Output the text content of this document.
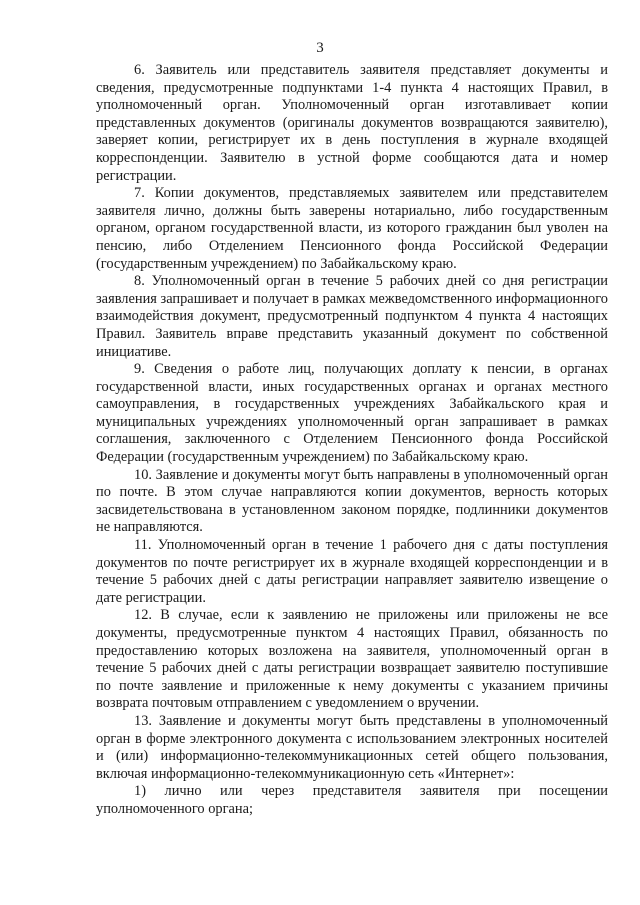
3

6. Заявитель или представитель заявителя представляет документы и сведения, предусмотренные подпунктами 1-4 пункта 4 настоящих Правил, в уполномоченный орган. Уполномоченный орган изготавливает копии представленных документов (оригиналы документов возвращаются заявителю), заверяет копии, регистрирует их в день поступления в журнале входящей корреспонденции. Заявителю в устной форме сообщаются дата и номер регистрации.

7. Копии документов, представляемых заявителем или представителем заявителя лично, должны быть заверены нотариально, либо государственным органом, органом государственной власти, из которого гражданин был уволен на пенсию, либо Отделением Пенсионного фонда Российской Федерации (государственным учреждением) по Забайкальскому краю.

8. Уполномоченный орган в течение 5 рабочих дней со дня регистрации заявления запрашивает и получает в рамках межведомственного информационного взаимодействия документ, предусмотренный подпунктом 4 пункта 4 настоящих Правил. Заявитель вправе представить указанный документ по собственной инициативе.

9. Сведения о работе лиц, получающих доплату к пенсии, в органах государственной власти, иных государственных органах и органах местного самоуправления, в государственных учреждениях Забайкальского края и муниципальных учреждениях уполномоченный орган запрашивает в рамках соглашения, заключенного с Отделением Пенсионного фонда Российской Федерации (государственным учреждением) по Забайкальскому краю.

10. Заявление и документы могут быть направлены в уполномоченный орган по почте. В этом случае направляются копии документов, верность которых засвидетельствована в установленном законом порядке, подлинники документов не направляются.

11. Уполномоченный орган в течение 1 рабочего дня с даты поступления документов по почте регистрирует их в журнале входящей корреспонденции и в течение 5 рабочих дней с даты регистрации направляет заявителю извещение о дате регистрации.

12. В случае, если к заявлению не приложены или приложены не все документы, предусмотренные пунктом 4 настоящих Правил, обязанность по предоставлению которых возложена на заявителя, уполномоченный орган в течение 5 рабочих дней с даты регистрации возвращает заявителю поступившие по почте заявление и приложенные к нему документы с указанием причины возврата почтовым отправлением с уведомлением о вручении.

13. Заявление и документы могут быть представлены в уполномоченный орган в форме электронного документа с использованием электронных носителей и (или) информационно-телекоммуникационных сетей общего пользования, включая информационно-телекоммуникационную сеть «Интернет»:

1) лично или через представителя заявителя при посещении уполномоченного органа;
